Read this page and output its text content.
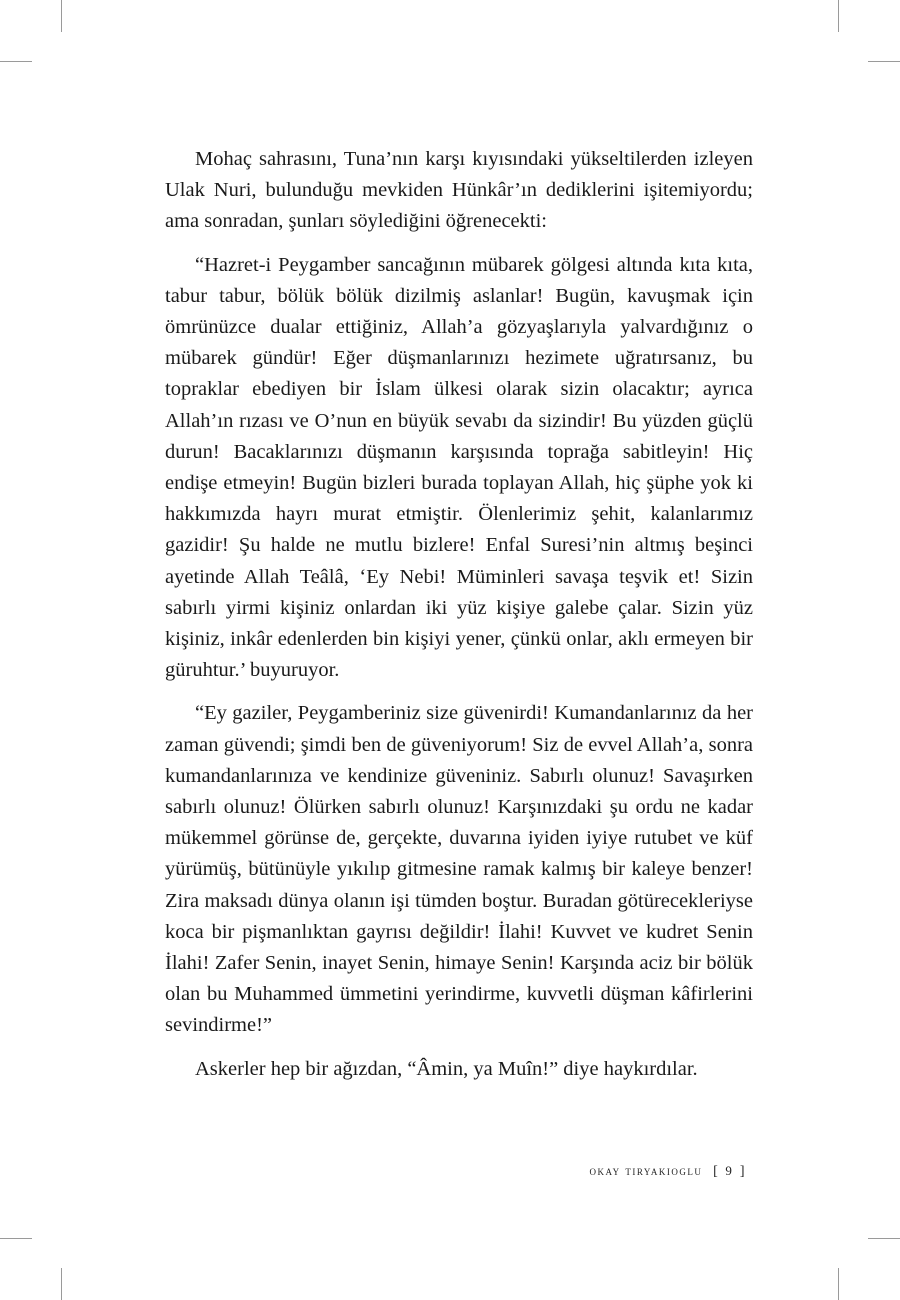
Mohaç sahrasını, Tuna’nın karşı kıyısındaki yükseltilerden izleyen Ulak Nuri, bulunduğu mevkiden Hünkâr’ın dediklerini işitemiyordu; ama sonradan, şunları söylediğini öğrenecekti:

“Hazret-i Peygamber sancağının mübarek gölgesi altında kıta kıta, tabur tabur, bölük bölük dizilmiş aslanlar! Bugün, kavuşmak için ömrünüzce dualar ettiğiniz, Allah’a gözyaşlarıyla yalvardığınız o mübarek gündür! Eğer düşmanlarınızı hezimete uğratırsanız, bu topraklar ebediyen bir İslam ülkesi olarak sizin olacaktır; ayrıca Allah’ın rızası ve O’nun en büyük sevabı da sizindir! Bu yüzden güçlü durun! Bacaklarınızı düşmanın karşısında toprağa sabitleyin! Hiç endişe etmeyin! Bugün bizleri burada toplayan Allah, hiç şüphe yok ki hakkımızda hayrı murat etmiştir. Ölenlerimiz şehit, kalanlarımız gazidir! Şu halde ne mutlu bizlere! Enfal Suresi’nin altmış beşinci ayetinde Allah Teâlâ, ‘Ey Nebi! Müminleri savaşa teşvik et! Sizin sabırlı yirmi kişiniz onlardan iki yüz kişiye galebe çalar. Sizin yüz kişiniz, inkâr edenlerden bin kişiyi yener, çünkü onlar, aklı ermeyen bir güruhtur.’ buyuruyor.

“Ey gaziler, Peygamberiniz size güvenirdi! Kumandanlarınız da her zaman güvendi; şimdi ben de güveniyorum! Siz de evvel Allah’a, sonra kumandanlarınıza ve kendinize güveniniz. Sabırlı olunuz! Savaşırken sabırlı olunuz! Ölürken sabırlı olunuz! Karşınızdaki şu ordu ne kadar mükemmel görünse de, gerçekte, duvarına iyiden iyiye rutubet ve küf yürümüş, bütünüyle yıkılıp gitmesine ramak kalmış bir kaleye benzer! Zira maksadı dünya olanın işi tümden boştur. Buradan götürecekleriyse koca bir pişmanlıktan gayrısı değildir! İlahi! Kuvvet ve kudret Senin İlahi! Zafer Senin, inayet Senin, himaye Senin! Karşında aciz bir bölük olan bu Muhammed ümmetini yerindirme, kuvvetli düşman kâfirlerini sevindirme!”

Askerler hep bir ağızdan, “Âmin, ya Muîn!” diye haykırdılar.

okay tiryakioglu [ 9 ]
